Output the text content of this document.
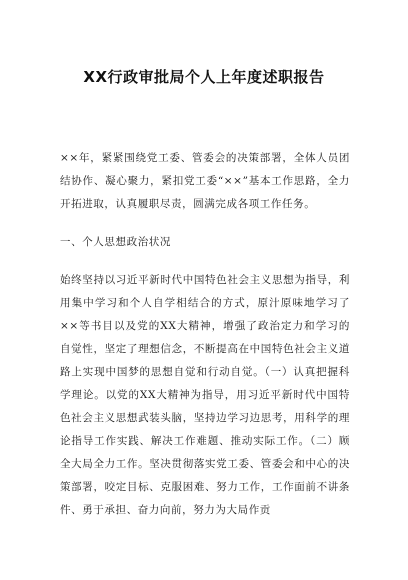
XX行政审批局个人上年度述职报告
××年，紧紧围绕党工委、管委会的决策部署，全体人员团结协作、凝心聚力，紧扣党工委“××”基本工作思路，全力开拓进取，认真履职尽责，圆满完成各项工作任务。
一、个人思想政治状况
始终坚持以习近平新时代中国特色社会主义思想为指导，利用集中学习和个人自学相结合的方式，原汁原味地学习了××等书目以及党的XX大精神，增强了政治定力和学习的自觉性，坚定了理想信念，不断提高在中国特色社会主义道路上实现中国梦的思想自觉和行动自觉。（一）认真把握科学理论。以党的XX大精神为指导，用习近平新时代中国特色社会主义思想武装头脑，坚持边学习边思考，用科学的理论指导工作实践、解决工作难题、推动实际工作。（二）顾全大局全力工作。坚决贯彻落实党工委、管委会和中心的决策部署，咬定目标、克服困难、努力工作，工作面前不讲条件、勇于承担、奋力向前，努力为大局作贡
